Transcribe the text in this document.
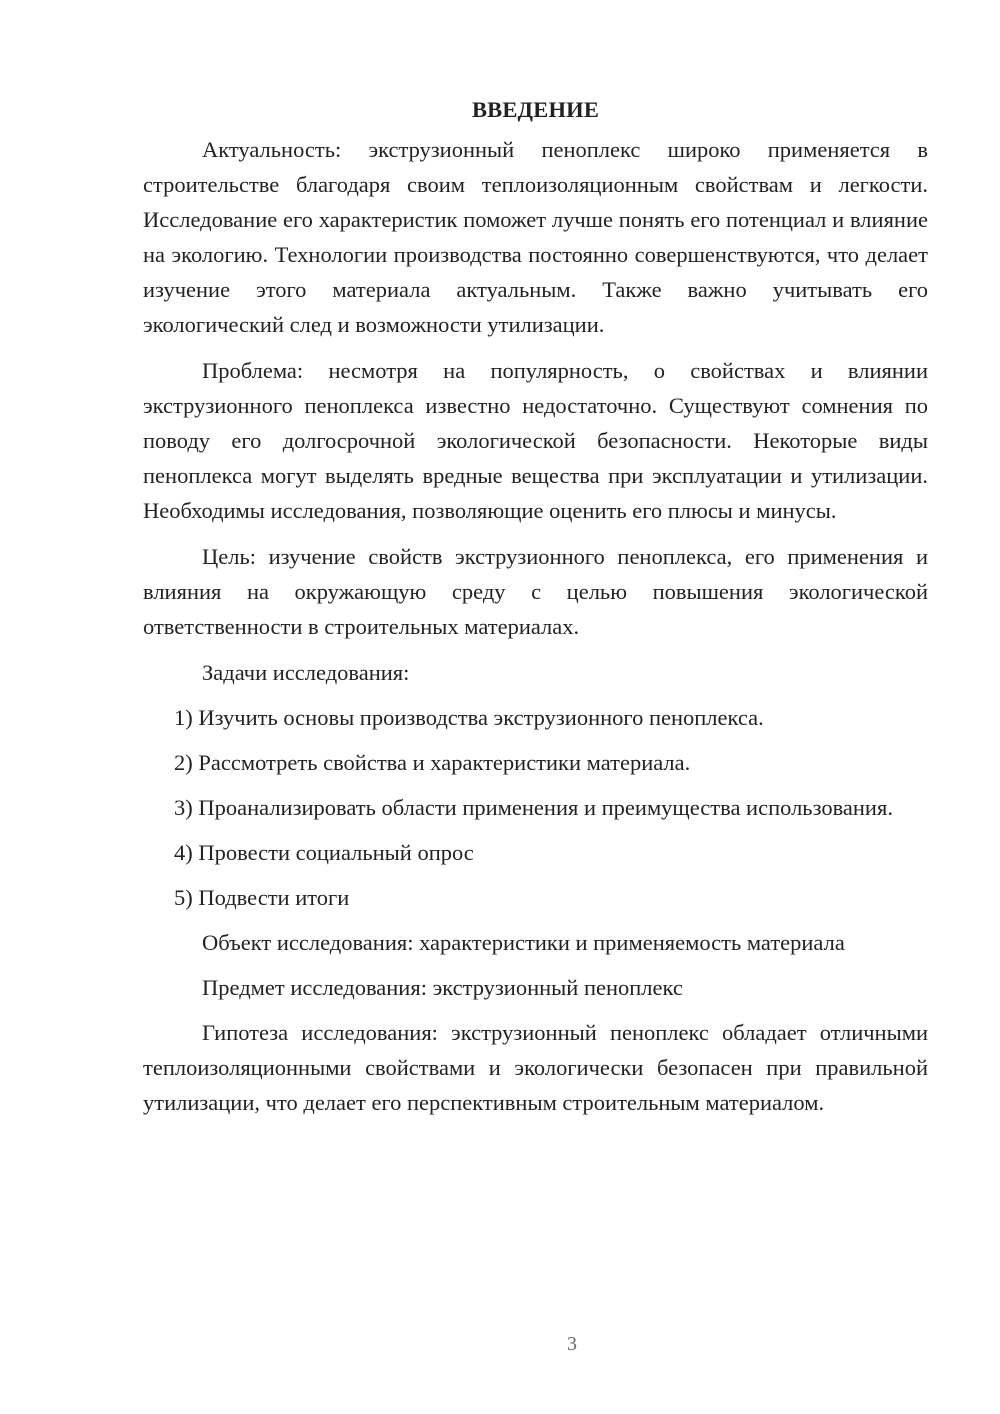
ВВЕДЕНИЕ

Актуальность: экструзионный пеноплекс широко применяется в строительстве благодаря своим теплоизоляционным свойствам и легкости. Исследование его характеристик поможет лучше понять его потенциал и влияние на экологию. Технологии производства постоянно совершенствуются, что делает изучение этого материала актуальным. Также важно учитывать его экологический след и возможности утилизации.

Проблема: несмотря на популярность, о свойствах и влиянии экструзионного пеноплекса известно недостаточно. Существуют сомнения по поводу его долгосрочной экологической безопасности. Некоторые виды пеноплекса могут выделять вредные вещества при эксплуатации и утилизации. Необходимы исследования, позволяющие оценить его плюсы и минусы.

Цель: изучение свойств экструзионного пеноплекса, его применения и влияния на окружающую среду с целью повышения экологической ответственности в строительных материалах.

Задачи исследования:

1) Изучить основы производства экструзионного пеноплекса.

2) Рассмотреть свойства и характеристики материала.

3) Проанализировать области применения и преимущества использования.

4) Провести социальный опрос

5) Подвести итоги

Объект исследования: характеристики и применяемость материала

Предмет исследования: экструзионный пеноплекс

Гипотеза исследования: экструзионный пеноплекс обладает отличными теплоизоляционными свойствами и экологически безопасен при правильной утилизации, что делает его перспективным строительным материалом.

3
